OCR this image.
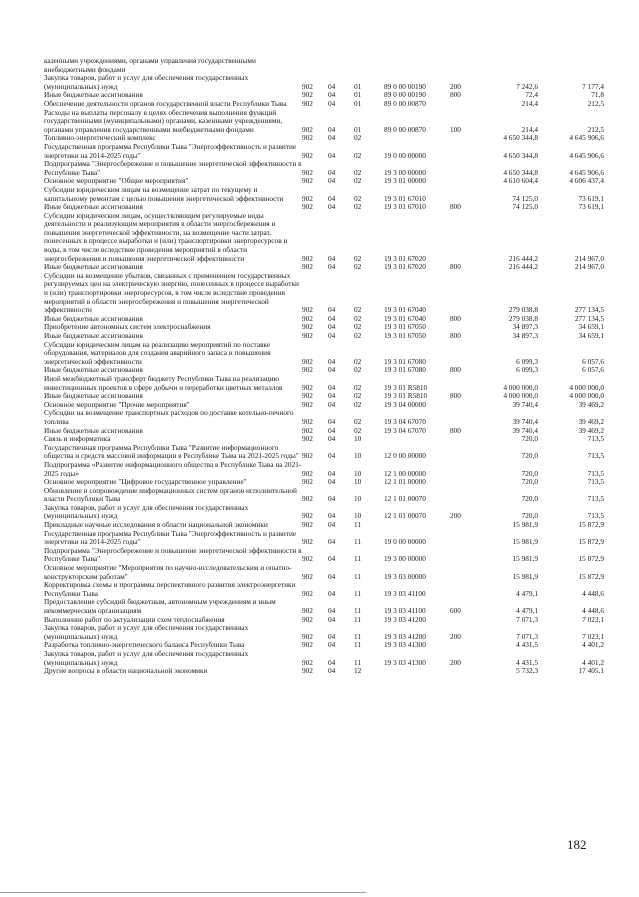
казенными учреждениями, органами управления государственными внебюджетными фондами							
Закупка товаров, работ и услуг для обеспечения государственных (муниципальных) нужд	902	04	01	89 0 00 00190	200	7 242,6	7 177,4
Иные бюджетные ассигнования	902	04	01	89 0 00 00190	800	72,4	71,8
Обеспечение деятельности органов государственной власти Республики Тыва	902	04	01	89 0 00 00870		214,4	212,5
Расходы на выплаты персоналу в целях обеспечения выполнения функций государственными (муниципальными) органами, казенными учреждениями, органами управления государственными внебюджетными фондами	902	04	01	89 0 00 00870	100	214,4	212,5
Топливно-энергетический комплекс	902	04	02			4 650 344,8	4 645 906,6
Государственная программа Республики Тыва "Энергоэффективность и развитие энергетики на 2014-2025 годы"	902	04	02	19 0 00 00000		4 650 344,8	4 645 906,6
Подпрограмма "Энергосбережение и повышение энергетической эффективности в Республике Тыва"	902	04	02	19 3 00 00000		4 650 344,8	4 645 906,6
Основное мероприятие "Общие мероприятия"	902	04	02	19 3 01 00000		4 610 604,4	4 606 437,4
Субсидии юридическим лицам на возмещение затрат по текущему и капитальному ремонтам с целью повышения энергетической эффективности	902	04	02	19 3 01 67010		74 125,0	73 619,1
Иные бюджетные ассигнования	902	04	02	19 3 01 67010	800	74 125,0	73 619,1
Субсидии юридическим лицам, осуществляющим регулируемые виды деятельности и реализующим мероприятия в области энергосбережения и повышения энергетической эффективности, на возмещение части затрат, понесенных в процессе выработки и (или) транспортировки энергоресурсов и воды, в том числе вследствие проведения мероприятий в области энергосбережения и повышения энергетической эффективности	902	04	02	19 3 01 67020		216 444,2	214 967,0
Иные бюджетные ассигнования	902	04	02	19 3 01 67020	800	216 444,2	214 967,0
Субсидии на возмещение убытков, связанных с применением государственных регулируемых цен на электрическую энергию, понесенных в процессе выработки и (или) транспортировки энергоресурсов, в том числе вследствие проведения мероприятий в области энергосбережения и повышения энергетической эффективности	902	04	02	19 3 01 67040		279 038,8	277 134,5
Иные бюджетные ассигнования	902	04	02	19 3 01 67040	800	279 038,8	277 134,5
Приобретение автономных систем электроснабжения	902	04	02	19 3 01 67050		34 897,3	34 659,1
Иные бюджетные ассигнования	902	04	02	19 3 01 67050	800	34 897,3	34 659,1
Субсидии юридическим лицам на реализацию мероприятий по поставке оборудования, материалов для создания аварийного запаса и повышения энергетической эффективности	902	04	02	19 3 01 67080		6 099,3	6 057,6
Иные бюджетные ассигнования	902	04	02	19 3 01 67080	800	6 099,3	6 057,6
Иной межбюджетный трансферт бюджету Республики Тыва на реализацию инвестиционных проектов в сфере добычи и переработки цветных металлов	902	04	02	19 3 01 R5810		4 000 000,0	4 000 000,0
Иные бюджетные ассигнования	902	04	02	19 3 01 R5810	800	4 000 000,0	4 000 000,0
Основное мероприятие "Прочие мероприятия"	902	04	02	19 3 04 00000		39 740,4	39 469,2
Субсидии на возмещение транспортных расходов по доставке котельно-печного топлива	902	04	02	19 3 04 67070		39 740,4	39 469,2
Иные бюджетные ассигнования	902	04	02	19 3 04 67070	800	39 740,4	39 469,2
Связь и информатика	902	04	10			720,0	713,5
Государственная программа Республики Тыва "Развитие информационного общества и средств массовой информации в Республике Тыва на 2021-2025 годы"	902	04	10	12 0 00 00000		720,0	713,5
Подпрограмма «Развитие информационного общества в Республике Тыва на 2021-2025 годы»	902	04	10	12 1 00 00000		720,0	713,5
Основное мероприятие "Цифровое государственное управление"	902	04	10	12 1 01 00000		720,0	713,5
Обновление и сопровождение информационных систем органов исполнительной власти Республики Тыва	902	04	10	12 1 01 00070		720,0	713,5
Закупка товаров, работ и услуг для обеспечения государственных (муниципальных) нужд	902	04	10	12 1 01 00070	200	720,0	713,5
Прикладные научные исследования в области национальной экономики	902	04	11			15 981,9	15 872,9
Государственная программа Республики Тыва "Энергоэффективность и развитие энергетики на 2014-2025 годы"	902	04	11	19 0 00 00000		15 981,9	15 872,9
Подпрограмма "Энергосбережение и повышение энергетической эффективности в Республике Тыва"	902	04	11	19 3 00 00000		15 981,9	15 872,9
Основное мероприятие "Мероприятия по научно-исследовательским и опытно-конструкторским работам"	902	04	11	19 3 03 00000		15 981,9	15 872,9
Корректировка схемы и программы перспективного развития электроэнергетики Республики Тыва	902	04	11	19 3 03 41100		4 479,1	4 448,6
Предоставление субсидий бюджетным, автономным учреждениям и иным некоммерческим организациям	902	04	11	19 3 03 41100	600	4 479,1	4 448,6
Выполнение работ по актуализации схем теплоснабжения	902	04	11	19 3 03 41200		7 071,3	7 023,1
Закупка товаров, работ и услуг для обеспечения государственных (муниципальных) нужд	902	04	11	19 3 03 41200	200	7 071,3	7 023,1
Разработка топливно-энергетического баланса Республики Тыва	902	04	11	19 3 03 41300		4 431,5	4 401,2
Закупка товаров, работ и услуг для обеспечения государственных (муниципальных) нужд	902	04	11	19 3 03 41300	200	4 431,5	4 401,2
Другие вопросы в области национальной экономики	902	04	12			5 732,3	17 405,1
182
